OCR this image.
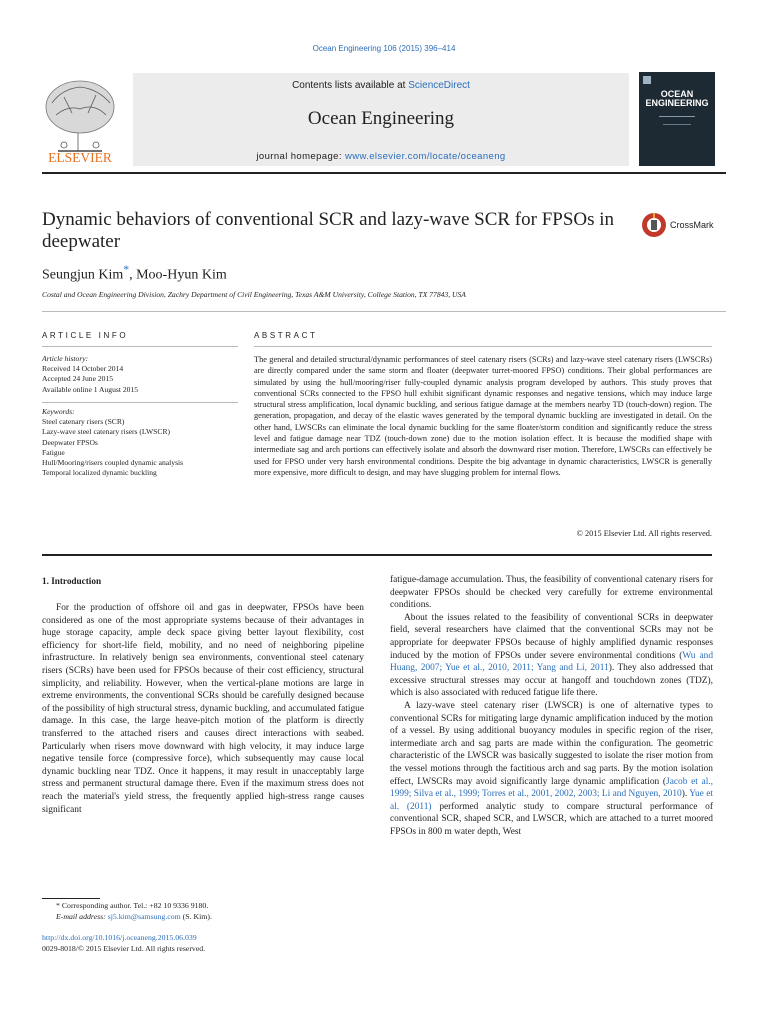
Ocean Engineering 106 (2015) 396–414
ELSEVIER
Contents lists available at ScienceDirect
Ocean Engineering
journal homepage: www.elsevier.com/locate/oceaneng
OCEAN ENGINEERING
Dynamic behaviors of conventional SCR and lazy-wave SCR for FPSOs in deepwater
CrossMark
Seungjun Kim*, Moo-Hyun Kim
Costal and Ocean Engineering Division, Zachry Department of Civil Engineering, Texas A&M University, College Station, TX 77843, USA
ARTICLE INFO	ABSTRACT
Article history:
Received 14 October 2014
Accepted 24 June 2015
Available online 1 August 2015
Keywords:
Steel catenary risers (SCR)
Lazy-wave steel catenary risers (LWSCR)
Deepwater FPSOs
Fatigue
Hull/Mooring/risers coupled dynamic analysis
Temporal localized dynamic buckling
The general and detailed structural/dynamic performances of steel catenary risers (SCRs) and lazy-wave steel catenary risers (LWSCRs) are directly compared under the same storm and floater (deepwater turret-moored FPSO) conditions. Their global performances are simulated by using the hull/mooring/riser fully-coupled dynamic analysis program developed by authors. This study proves that conventional SCRs connected to the FPSO hull exhibit significant dynamic responses and negative tensions, which may induce large structural stress amplification, local dynamic buckling, and serious fatigue damage at the members nearby TD (touch-down) region. The generation, propagation, and decay of the elastic waves generated by the temporal dynamic buckling are investigated in detail. On the other hand, LWSCRs can eliminate the local dynamic buckling for the same floater/storm condition and significantly reduce the stress level and fatigue damage near TDZ (touch-down zone) due to the motion isolation effect. It is because the modified shape with intermediate sag and arch portions can effectively isolate and absorb the downward riser motion. Therefore, LWSCRs can effectively be used for FPSO under very harsh environmental conditions. Despite the big advantage in dynamic characteristics, LWSCR is generally more expensive, more difficult to design, and may have slugging problem for internal flows.
© 2015 Elsevier Ltd. All rights reserved.
1. Introduction

For the production of offshore oil and gas in deepwater, FPSOs have been considered as one of the most appropriate systems because of their advantages in huge storage capacity, ample deck space giving better layout flexibility, cost efficiency for short-life field, mobility, and no need of neighboring pipeline infrastructure. In relatively benign sea environments, conventional steel catenary risers (SCRs) have been used for FPSOs because of their cost efficiency, structural simplicity, and reliability. However, when the vertical-plane motions are large in extreme environments, the conventional SCRs should be carefully designed because of the possibility of high structural stress, dynamic buckling, and accumulated fatigue damage. In this case, the large heave-pitch motion of the platform is directly transferred to the attached risers and causes direct interactions with seabed. Particularly when risers move downward with high velocity, it may induce large negative tensile force (compressive force), which subsequently may cause local dynamic buckling near TDZ. Once it happens, it may result in unacceptably large stress and permanent structural damage there. Even if the maximum stress does not reach the material's yield stress, the frequently applied high-stress range causes significant

fatigue-damage accumulation. Thus, the feasibility of conventional catenary risers for deepwater FPSOs should be checked very carefully for extreme environmental conditions.

About the issues related to the feasibility of conventional SCRs in deepwater field, several researchers have claimed that the conventional SCRs may not be appropriate for deepwater FPSOs because of highly amplified dynamic responses induced by the motion of FPSOs under severe environmental conditions (Wu and Huang, 2007; Yue et al., 2010, 2011; Yang and Li, 2011). They also addressed that excessive structural stresses may occur at hangoff and touchdown zones (TDZ), which is also associated with reduced fatigue life there.

A lazy-wave steel catenary riser (LWSCR) is one of alternative types to conventional SCRs for mitigating large dynamic amplification induced by the motion of a vessel. By using additional buoyancy modules in specific region of the riser, intermediate arch and sag parts are made within the configuration. The geometric characteristic of the LWSCR was basically suggested to isolate the riser motion from the vessel motions through the factitious arch and sag parts. By the motion isolation effect, LWSCRs may avoid significantly large dynamic amplification (Jacob et al., 1999; Silva et al., 1999; Torres et al., 2001, 2002, 2003; Li and Nguyen, 2010). Yue et al. (2011) performed analytic study to compare structural performance of conventional SCR, shaped SCR, and LWSCR, which are attached to a turret moored FPSOs in 800 m water depth, West

* Corresponding author. Tel.: +82 10 9336 9180.
E-mail address: sj5.kim@samsung.com (S. Kim).
http://dx.doi.org/10.1016/j.oceaneng.2015.06.039
0029-8018/© 2015 Elsevier Ltd. All rights reserved.
